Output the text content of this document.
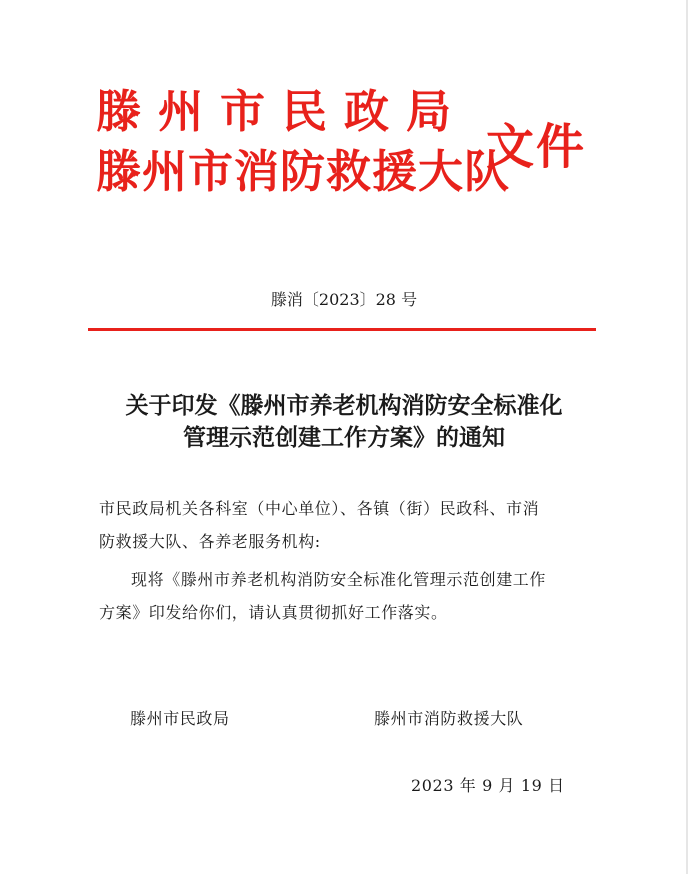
滕州市民政局
滕州市消防救援大队
文件
滕消〔2023〕28 号
关于印发《滕州市养老机构消防安全标准化
管理示范创建工作方案》的通知
市民政局机关各科室（中心单位）、各镇（街）民政科、市消
防救援大队、各养老服务机构:
现将《滕州市养老机构消防安全标准化管理示范创建工作
方案》印发给你们，请认真贯彻抓好工作落实。
滕州市民政局	滕州市消防救援大队
2023 年 9 月 19 日
